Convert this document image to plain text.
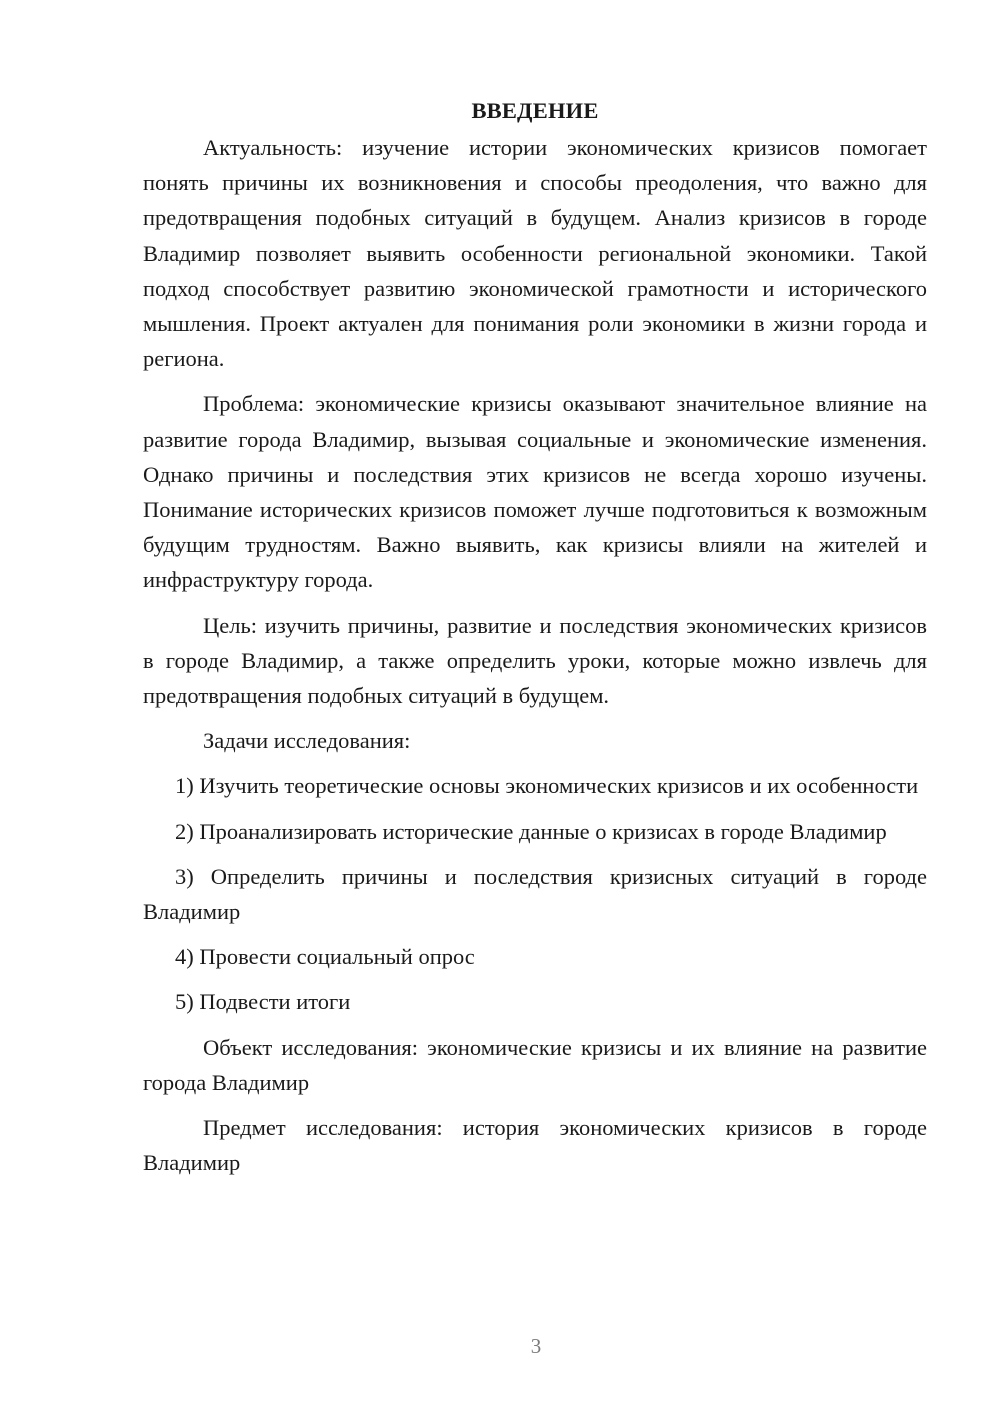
ВВЕДЕНИЕ

Актуальность: изучение истории экономических кризисов помогает понять причины их возникновения и способы преодоления, что важно для предотвращения подобных ситуаций в будущем. Анализ кризисов в городе Владимир позволяет выявить особенности региональной экономики. Такой подход способствует развитию экономической грамотности и исторического мышления. Проект актуален для понимания роли экономики в жизни города и региона.

Проблема: экономические кризисы оказывают значительное влияние на развитие города Владимир, вызывая социальные и экономические изменения. Однако причины и последствия этих кризисов не всегда хорошо изучены. Понимание исторических кризисов поможет лучше подготовиться к возможным будущим трудностям. Важно выявить, как кризисы влияли на жителей и инфраструктуру города.

Цель: изучить причины, развитие и последствия экономических кризисов в городе Владимир, а также определить уроки, которые можно извлечь для предотвращения подобных ситуаций в будущем.

Задачи исследования:

1) Изучить теоретические основы экономических кризисов и их особенности

2) Проанализировать исторические данные о кризисах в городе Владимир

3) Определить причины и последствия кризисных ситуаций в городе Владимир

4) Провести социальный опрос

5) Подвести итоги

Объект исследования: экономические кризисы и их влияние на развитие города Владимир

Предмет исследования: история экономических кризисов в городе Владимир

3
